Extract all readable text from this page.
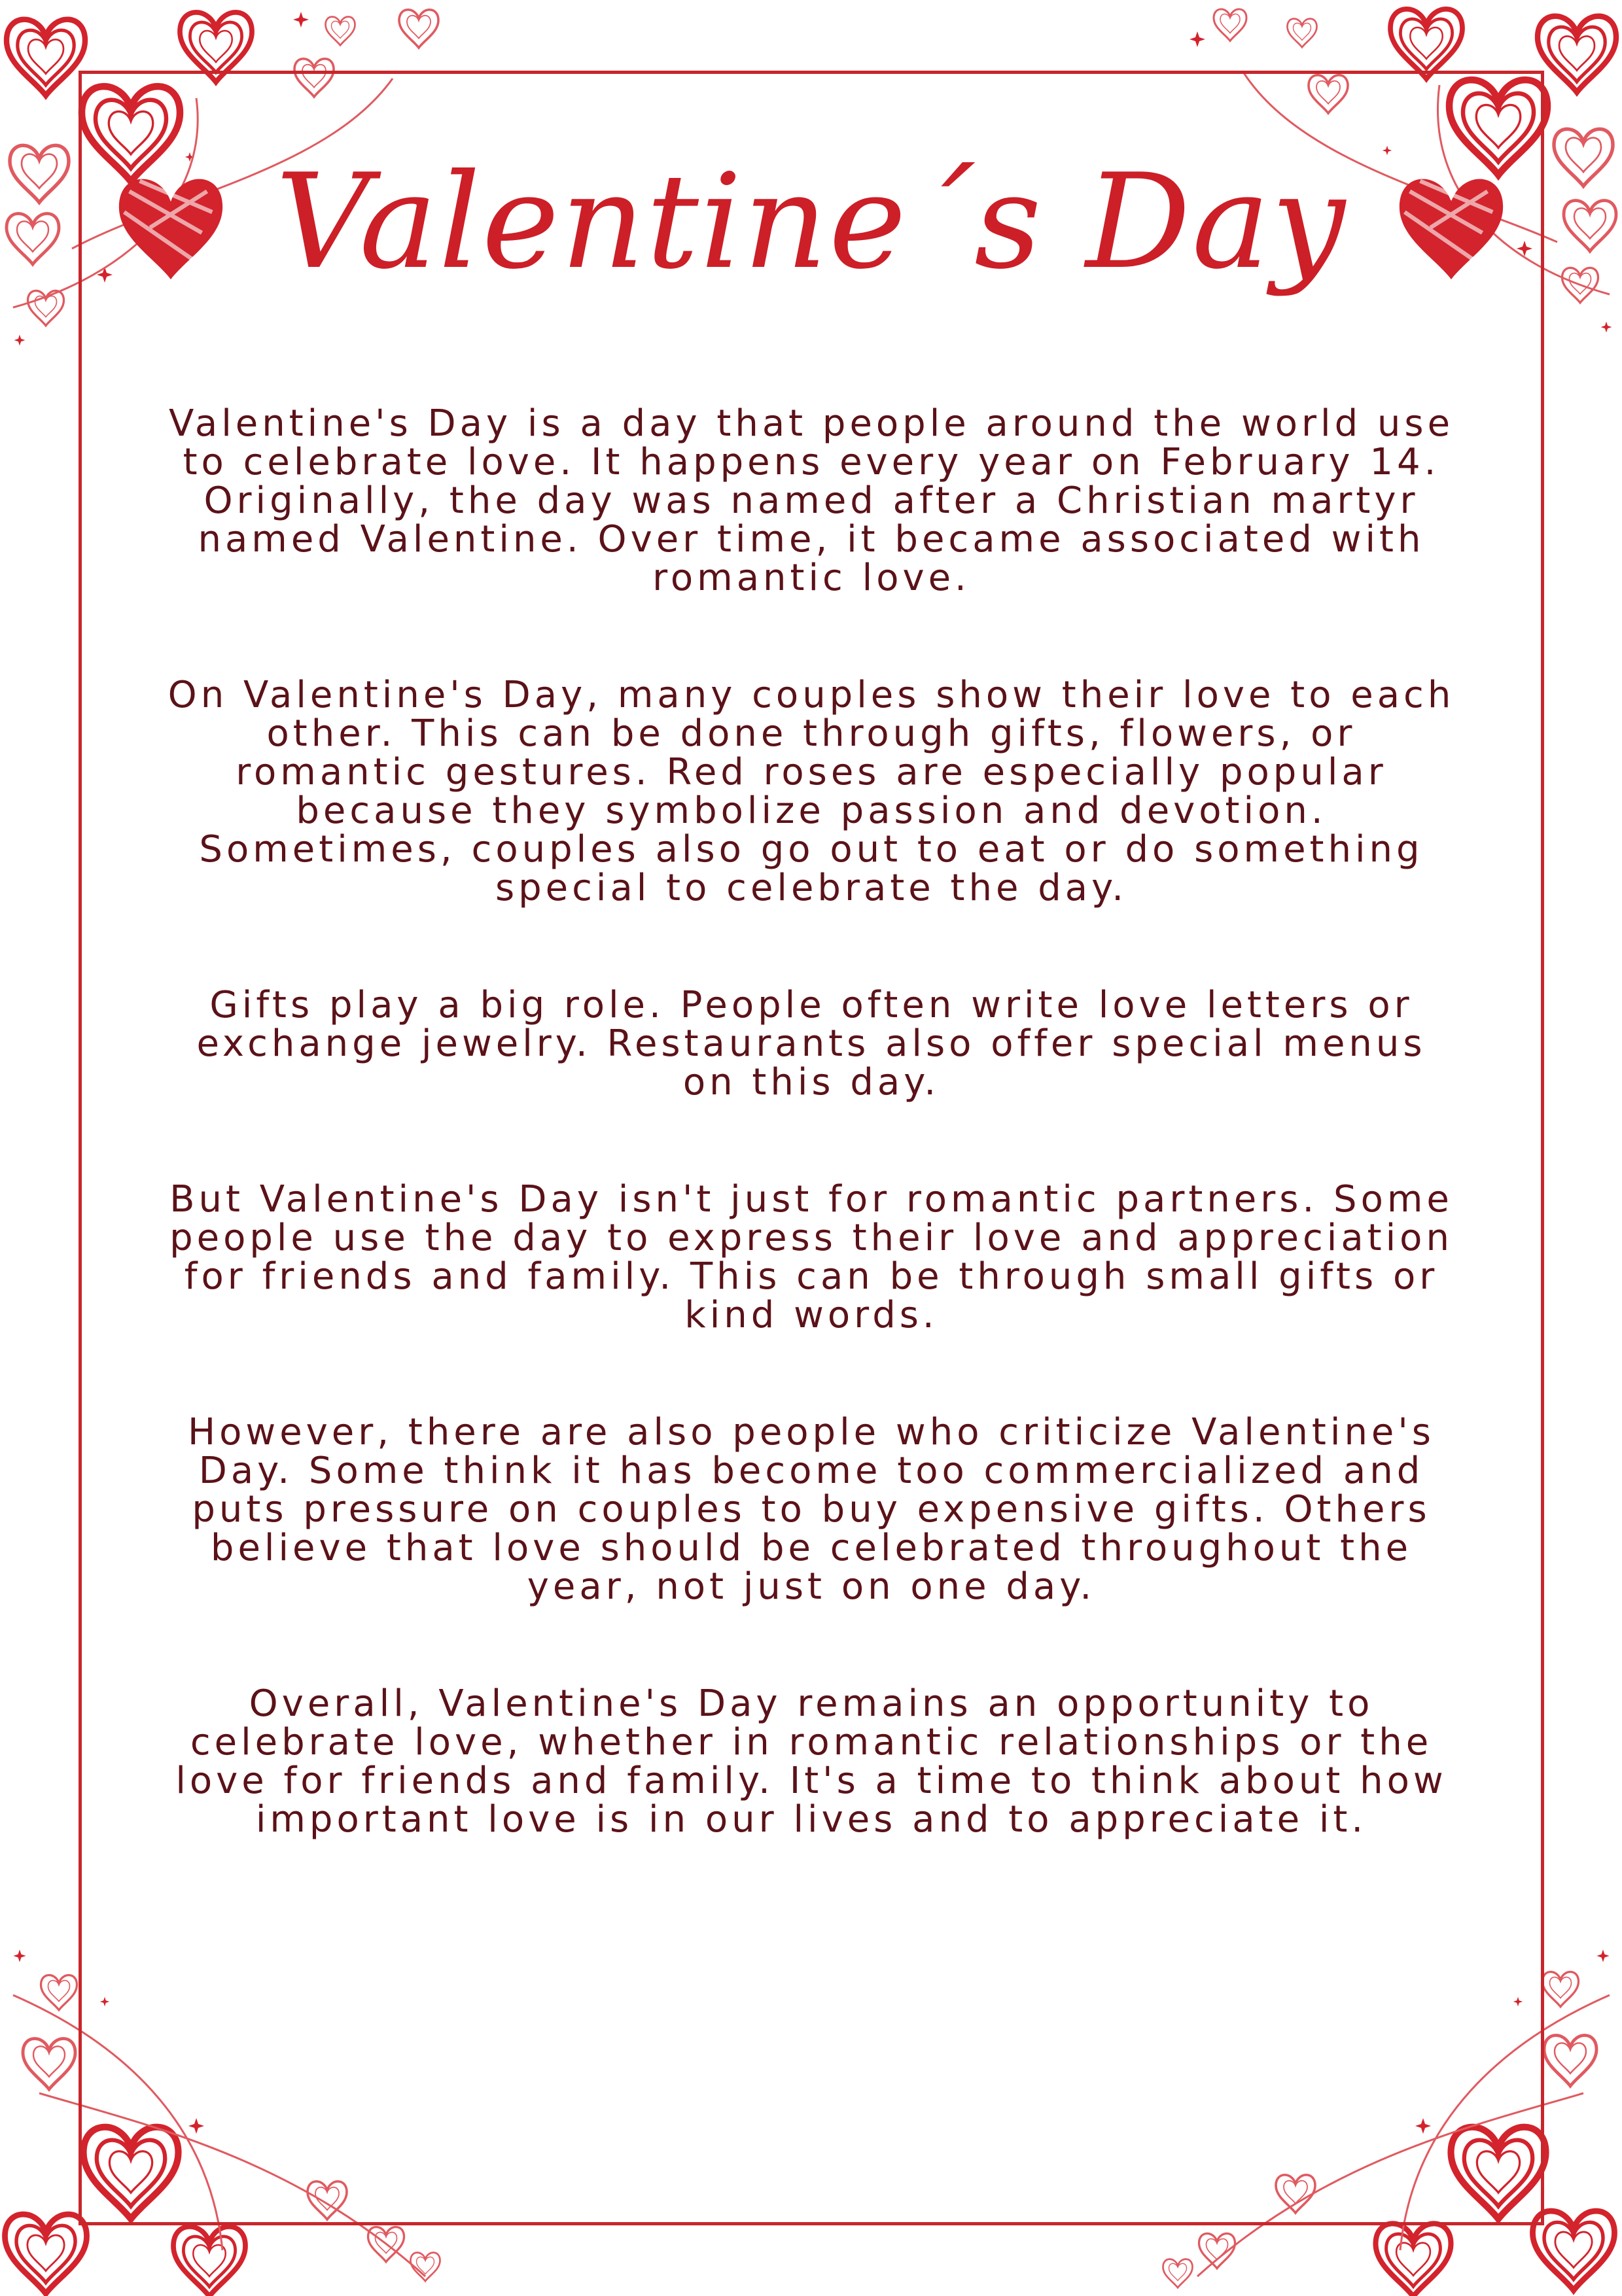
Valentine´s Day

Valentine's Day is a day that people around the world use to celebrate love. It happens every year on February 14. Originally, the day was named after a Christian martyr named Valentine. Over time, it became associated with romantic love.

On Valentine's Day, many couples show their love to each other. This can be done through gifts, flowers, or romantic gestures. Red roses are especially popular because they symbolize passion and devotion. Sometimes, couples also go out to eat or do something special to celebrate the day.

Gifts play a big role. People often write love letters or exchange jewelry. Restaurants also offer special menus on this day.

But Valentine's Day isn't just for romantic partners. Some people use the day to express their love and appreciation for friends and family. This can be through small gifts or kind words.

However, there are also people who criticize Valentine's Day. Some think it has become too commercialized and puts pressure on couples to buy expensive gifts. Others believe that love should be celebrated throughout the year, not just on one day.

Overall, Valentine's Day remains an opportunity to celebrate love, whether in romantic relationships or the love for friends and family. It's a time to think about how important love is in our lives and to appreciate it.
